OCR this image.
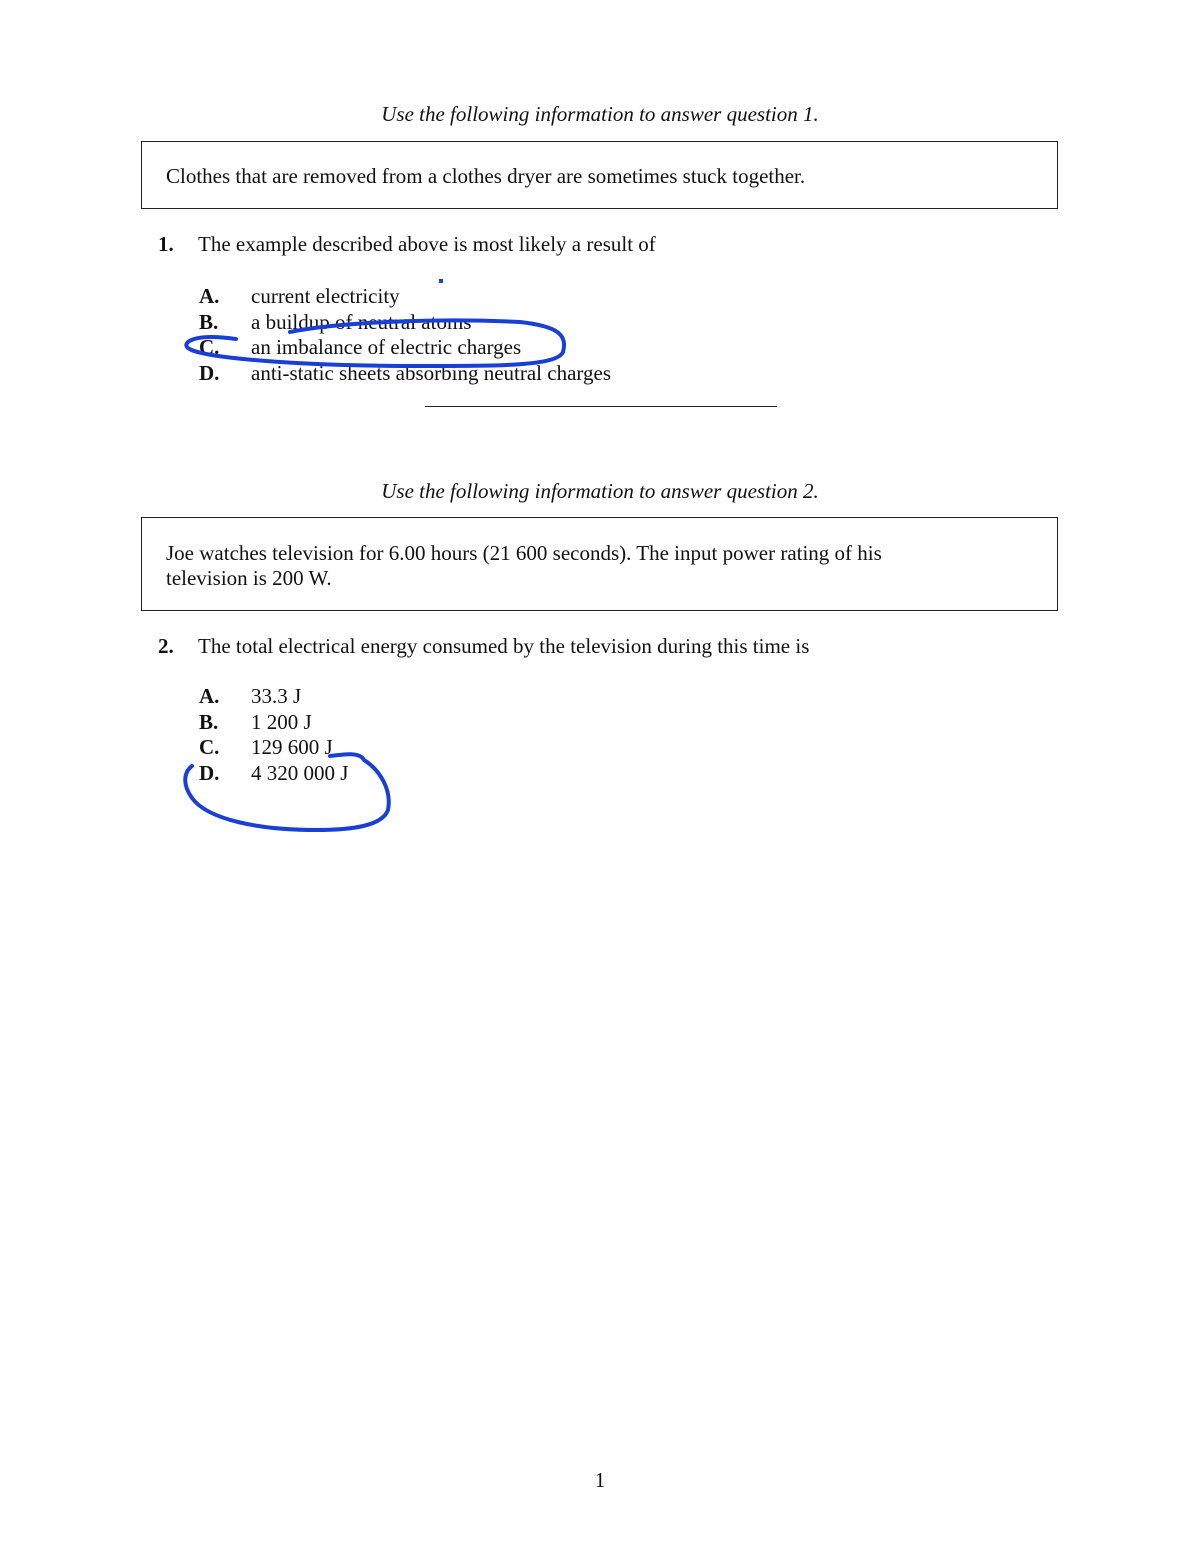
Use the following information to answer question 1.
Clothes that are removed from a clothes dryer are sometimes stuck together.
1. The example described above is most likely a result of
A. current electricity
B. a buildup of neutral atoms
C. an imbalance of electric charges
D. anti-static sheets absorbing neutral charges
Use the following information to answer question 2.
Joe watches television for 6.00 hours (21 600 seconds). The input power rating of his
television is 200 W.
2. The total electrical energy consumed by the television during this time is
A. 33.3 J
B. 1 200 J
C. 129 600 J
D. 4 320 000 J
1
